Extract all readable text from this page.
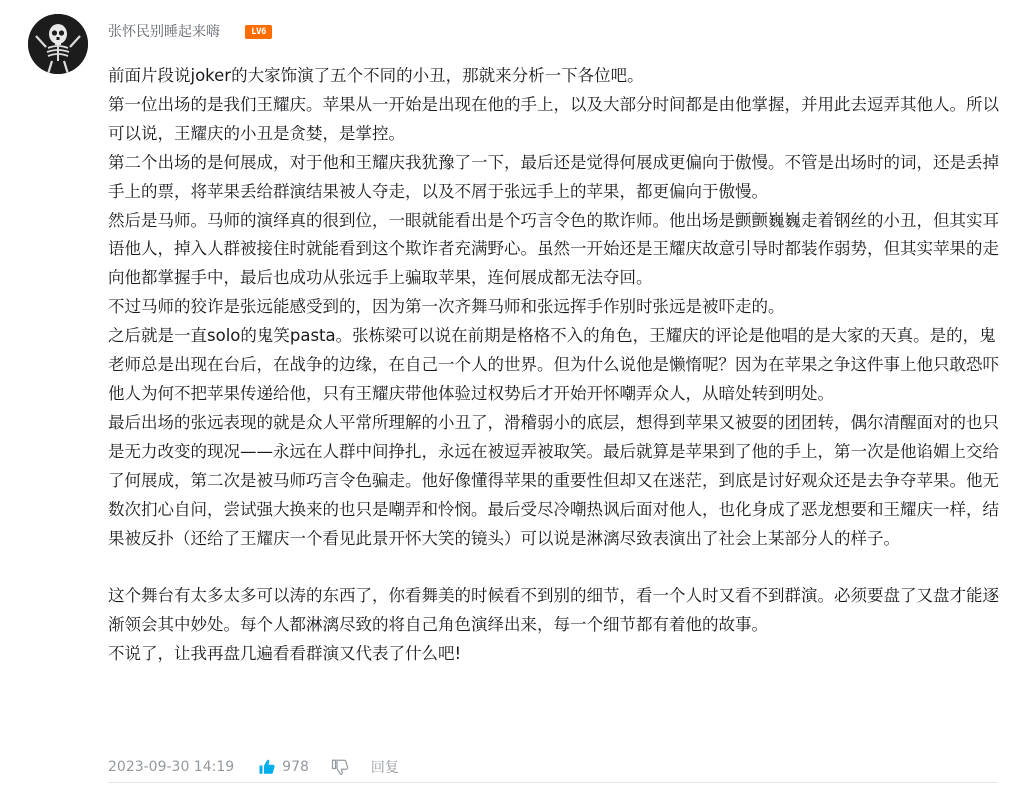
张怀民别睡起来嗨	LV6

前面片段说joker的大家饰演了五个不同的小丑，那就来分析一下各位吧。

第一位出场的是我们王耀庆。苹果从一开始是出现在他的手上，以及大部分时间都是由他掌握，并用此去逗弄其他人。所以可以说，王耀庆的小丑是贪婪，是掌控。

第二个出场的是何展成，对于他和王耀庆我犹豫了一下，最后还是觉得何展成更偏向于傲慢。不管是出场时的词，还是丢掉手上的票，将苹果丢给群演结果被人夺走，以及不屑于张远手上的苹果，都更偏向于傲慢。

然后是马师。马师的演绎真的很到位，一眼就能看出是个巧言令色的欺诈师。他出场是颤颤巍巍走着钢丝的小丑，但其实耳语他人，掉入人群被接住时就能看到这个欺诈者充满野心。虽然一开始还是王耀庆故意引导时都装作弱势，但其实苹果的走向他都掌握手中，最后也成功从张远手上骗取苹果，连何展成都无法夺回。

不过马师的狡诈是张远能感受到的，因为第一次齐舞马师和张远挥手作别时张远是被吓走的。

之后就是一直solo的鬼笑pasta。张栋梁可以说在前期是格格不入的角色，王耀庆的评论是他唱的是大家的天真。是的，鬼老师总是出现在台后，在战争的边缘，在自己一个人的世界。但为什么说他是懒惰呢？因为在苹果之争这件事上他只敢恐吓他人为何不把苹果传递给他，只有王耀庆带他体验过权势后才开始开怀嘲弄众人，从暗处转到明处。

最后出场的张远表现的就是众人平常所理解的小丑了，滑稽弱小的底层，想得到苹果又被耍的团团转，偶尔清醒面对的也只是无力改变的现况——永远在人群中间挣扎，永远在被逗弄被取笑。最后就算是苹果到了他的手上，第一次是他谄媚上交给了何展成，第二次是被马师巧言令色骗走。他好像懂得苹果的重要性但却又在迷茫，到底是讨好观众还是去争夺苹果。他无数次扪心自问，尝试强大换来的也只是嘲弄和怜悯。最后受尽冷嘲热讽后面对他人，也化身成了恶龙想要和王耀庆一样，结果被反扑（还给了王耀庆一个看见此景开怀大笑的镜头）可以说是淋漓尽致表演出了社会上某部分人的样子。

这个舞台有太多太多可以涛的东西了，你看舞美的时候看不到别的细节，看一个人时又看不到群演。必须要盘了又盘才能逐渐领会其中妙处。每个人都淋漓尽致的将自己角色演绎出来，每一个细节都有着他的故事。

不说了，让我再盘几遍看看群演又代表了什么吧!

2023-09-30 14:19	978	回复
